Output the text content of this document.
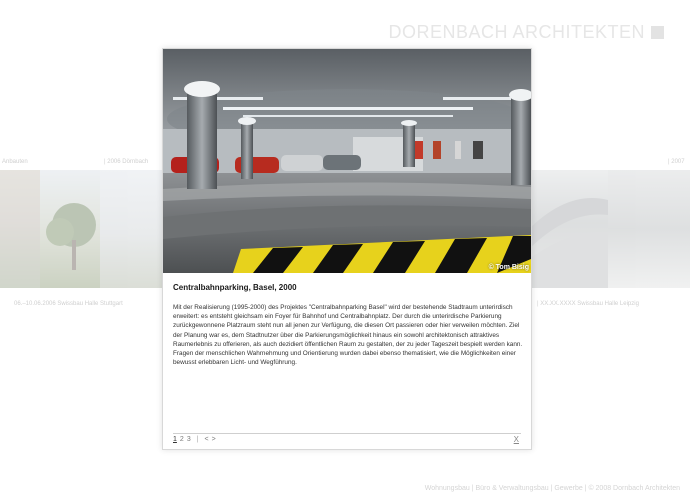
DORENBACH ARCHITEKTEN
Anbauten	| 2006 Dörnbach	| 2007
06.–10.06.2006 Swissbau Halle Stuttgart	| XX.XX.XXXX Swissbau Halle Leipzig
Wohnungsbau | Büro & Verwaltungsbau | Gewerbe | © 2008 Dornbach Architekten
© Tom Bisig

Centralbahnparking, Basel, 2000

Mit der Realisierung (1995-2000) des Projektes "Centralbahnparking Basel" wird der bestehende Stadtraum unterirdisch erweitert: es entsteht gleichsam ein Foyer für Bahnhof und Centralbahnplatz. Der durch die unterirdische Parkierung zurückgewonnene Platzraum steht nun all jenen zur Verfügung, die diesen Ort passieren oder hier verweilen möchten. Ziel der Planung war es, dem Stadtnutzer über die Parkierungsmöglichkeit hinaus ein sowohl architektonisch attraktives Raumerlebnis zu offerieren, als auch dezidiert öffentlichen Raum zu gestalten, der zu jeder Tageszeit bespielt werden kann. Fragen der menschlichen Wahrnehmung und Orientierung wurden dabei ebenso thematisiert, wie die Möglichkeiten einer bewusst erlebbaren Licht- und Wegführung.

1 2 3 | < >	X
